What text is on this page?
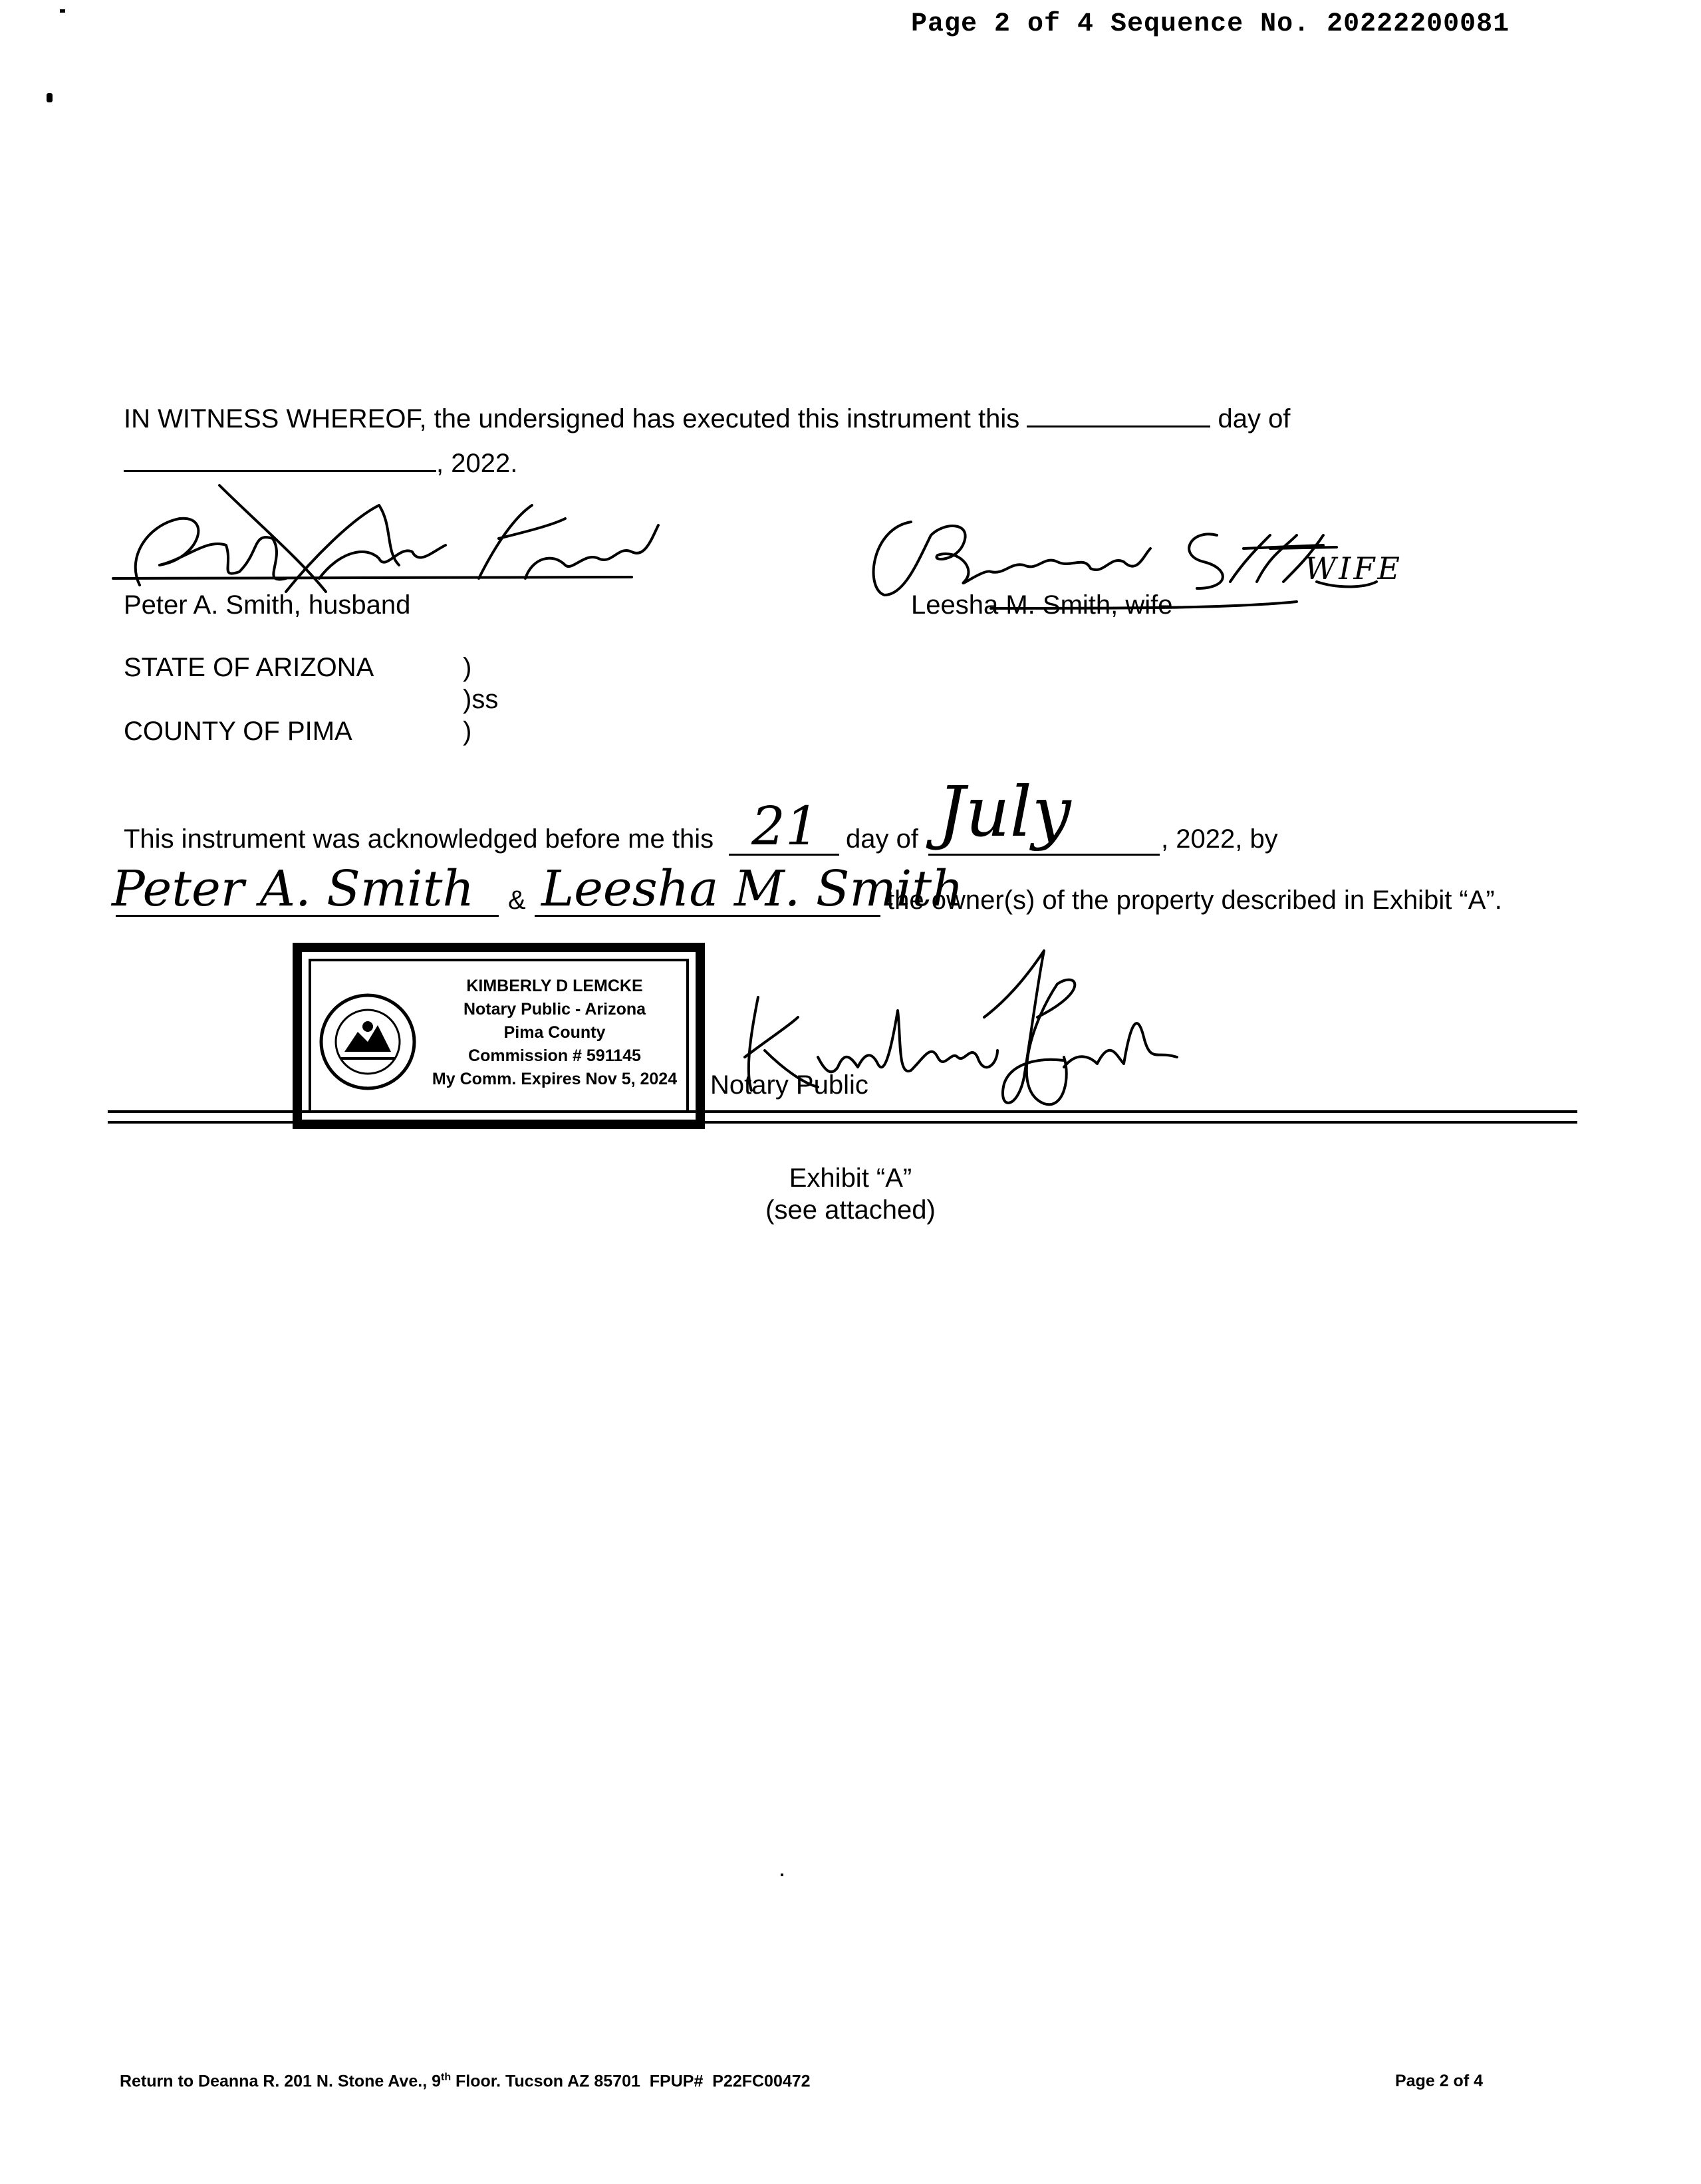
Page 2 of 4 Sequence No. 20222200081
IN WITNESS WHEREOF, the undersigned has executed this instrument this	day of
, 2022.
Peter A. Smith, husband
WIFE
Leesha M. Smith, wife
STATE OF ARIZONA	)
)ss
COUNTY OF PIMA	)
This instrument was acknowledged before me this 21 day of July	, 2022, by
Peter A. Smith & Leesha M. Smith
the owner(s) of the property described in Exhibit “A”.
KIMBERLY D LEMCKE
Notary Public - Arizona
Pima County
Commission # 591145
My Comm. Expires Nov 5, 2024	Notary Public
Exhibit “A”
(see attached)
Return to Deanna R. 201 N. Stone Ave., 9th Floor. Tucson AZ 85701  FPUP#  P22FC00472	Page 2 of 4
